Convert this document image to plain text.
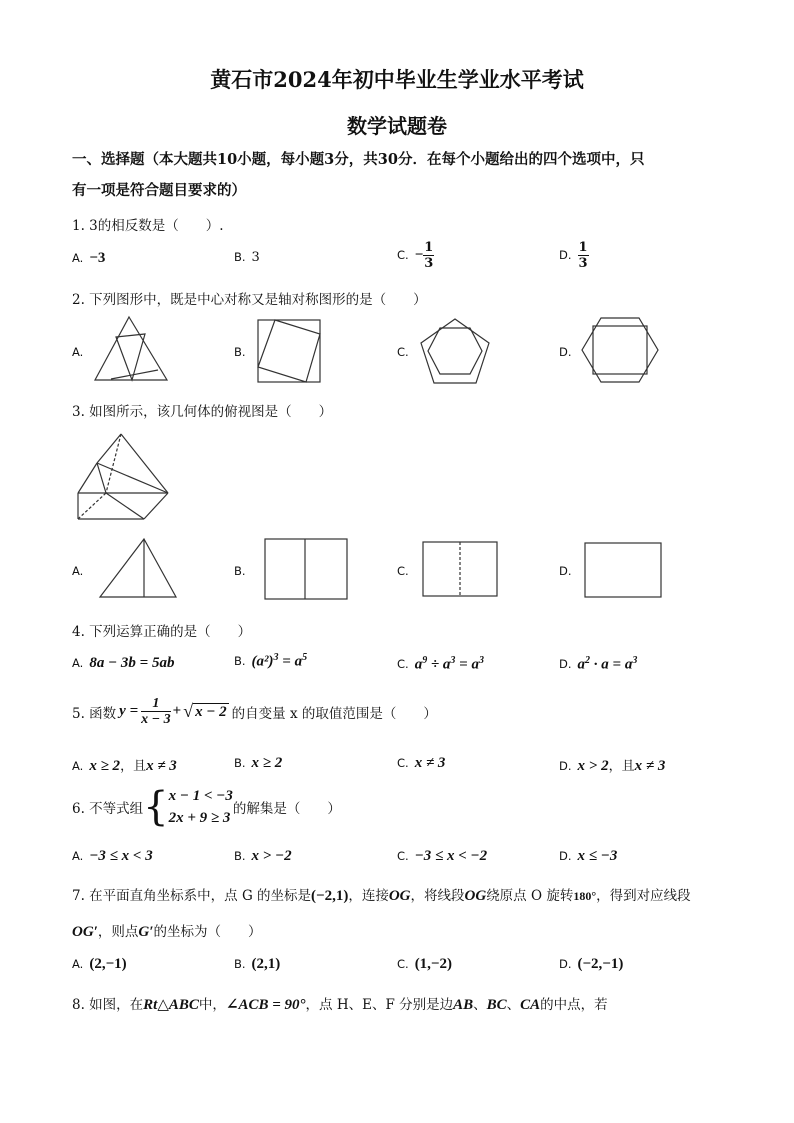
黄石市2024年初中毕业生学业水平考试
数学试题卷
一、选择题（本大题共10小题，每小题3分，共30分．在每个小题给出的四个选项中，只
有一项是符合题目要求的）
1. 3的相反数是（　　）.
A. −3	B. 3	C. − $\frac{1}{3}$	D. $\frac{1}{3}$
2. 下列图形中，既是中心对称又是轴对称图形的是（　　）
A.	B.	C.	D.
3. 如图所示，该几何体的俯视图是（　　）
A.	B.	C.	D.
4. 下列运算正确的是（　　）
A. 8a − 3b = 5ab	B. $(a^2)^3 = a^5$	C. $a^9 \div a^3 = a^3$	D. $a^2 \cdot a = a^3$
5. 函数 $y = \frac{1}{x - 3}$ + √ x − 2 的自变量 x 的取值范围是（　　）
A. x ≥ 2，且x ≠ 3	B. x ≥ 2	C. x ≠ 3	D. x > 2，且x ≠ 3
6. 不等式组 { x − 1 < −3
2x + 9 ≥ 3
的解集是（　　）
A. −3 ≤ x < 3	B. x > −2	C. −3 ≤ x < −2	D. x ≤ −3
7. 在平面直角坐标系中，点 G 的坐标是(−2,1)，连接OG，将线段OG绕原点 O 旋转180°，得到对应线段
OG′，则点G′的坐标为（　　）
A. (2,−1)	B. (2,1)	C. (1,−2)	D. (−2,−1)
8. 如图，在Rt△ABC中，∠ACB = 90°，点 H、E、F 分别是边AB、BC、CA的中点，若
